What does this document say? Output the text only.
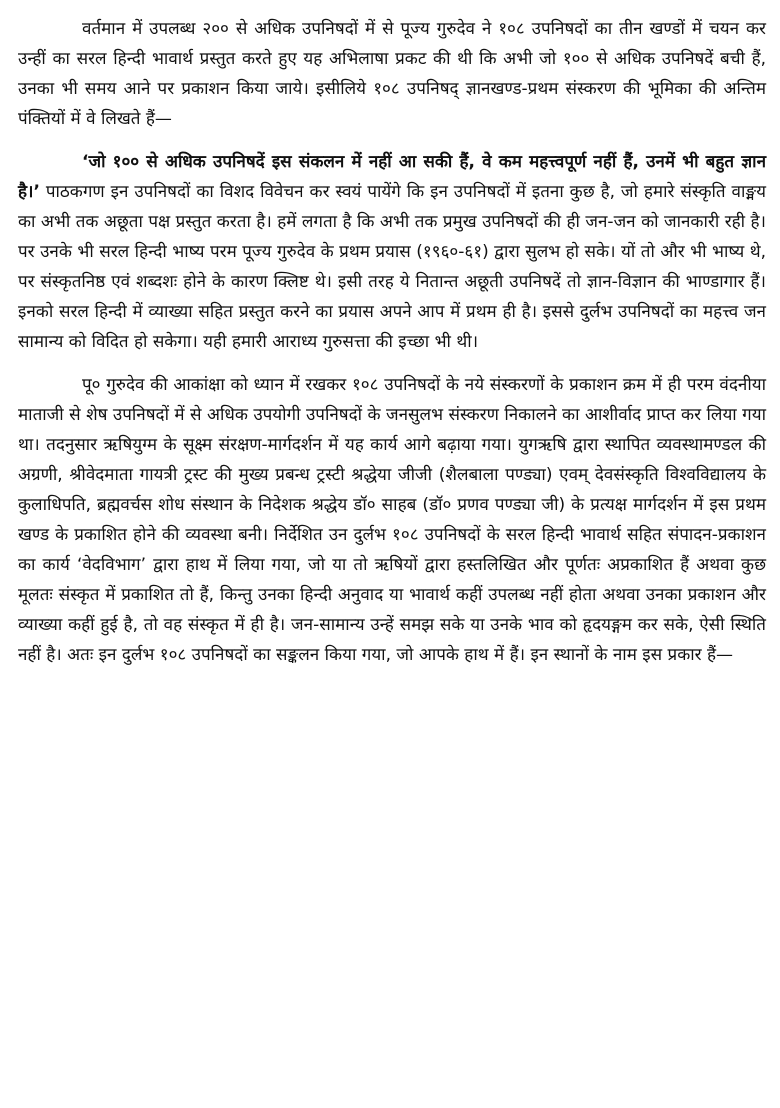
वर्तमान में उपलब्ध २०० से अधिक उपनिषदों में से पूज्य गुरुदेव ने १०८ उपनिषदों का तीन खण्डों में चयन कर उन्हीं का सरल हिन्दी भावार्थ प्रस्तुत करते हुए यह अभिलाषा प्रकट की थी कि अभी जो १०० से अधिक उपनिषदें बची हैं, उनका भी समय आने पर प्रकाशन किया जाये। इसीलिये १०८ उपनिषद् ज्ञानखण्ड-प्रथम संस्करण की भूमिका की अन्तिम पंक्तियों में वे लिखते हैं—

‘जो १०० से अधिक उपनिषदें इस संकलन में नहीं आ सकी हैं, वे कम महत्त्वपूर्ण नहीं हैं, उनमें भी बहुत ज्ञान है।’ पाठकगण इन उपनिषदों का विशद विवेचन कर स्वयं पायेंगे कि इन उपनिषदों में इतना कुछ है, जो हमारे संस्कृति वाङ्मय का अभी तक अछूता पक्ष प्रस्तुत करता है। हमें लगता है कि अभी तक प्रमुख उपनिषदों की ही जन-जन को जानकारी रही है। पर उनके भी सरल हिन्दी भाष्य परम पूज्य गुरुदेव के प्रथम प्रयास (१९६०-६१) द्वारा सुलभ हो सके। यों तो और भी भाष्य थे, पर संस्कृतनिष्ठ एवं शब्दशः होने के कारण क्लिष्ट थे। इसी तरह ये नितान्त अछूती उपनिषदें तो ज्ञान-विज्ञान की भाण्डागार हैं। इनको सरल हिन्दी में व्याख्या सहित प्रस्तुत करने का प्रयास अपने आप में प्रथम ही है। इससे दुर्लभ उपनिषदों का महत्त्व जन सामान्य को विदित हो सकेगा। यही हमारी आराध्य गुरुसत्ता की इच्छा भी थी।

पू० गुरुदेव की आकांक्षा को ध्यान में रखकर १०८ उपनिषदों के नये संस्करणों के प्रकाशन क्रम में ही परम वंदनीया माताजी से शेष उपनिषदों में से अधिक उपयोगी उपनिषदों के जनसुलभ संस्करण निकालने का आशीर्वाद प्राप्त कर लिया गया था। तदनुसार ऋषियुग्म के सूक्ष्म संरक्षण-मार्गदर्शन में यह कार्य आगे बढ़ाया गया। युगऋषि द्वारा स्थापित व्यवस्थामण्डल की अग्रणी, श्रीवेदमाता गायत्री ट्रस्ट की मुख्य प्रबन्ध ट्रस्टी श्रद्धेया जीजी (शैलबाला पण्ड्या) एवम् देवसंस्कृति विश्वविद्यालय के कुलाधिपति, ब्रह्मवर्चस शोध संस्थान के निदेशक श्रद्धेय डॉ० साहब (डॉ० प्रणव पण्ड्या जी) के प्रत्यक्ष मार्गदर्शन में इस प्रथम खण्ड के प्रकाशित होने की व्यवस्था बनी। निर्देशित उन दुर्लभ १०८ उपनिषदों के सरल हिन्दी भावार्थ सहित संपादन-प्रकाशन का कार्य ‘वेदविभाग’ द्वारा हाथ में लिया गया, जो या तो ऋषियों द्वारा हस्तलिखित और पूर्णतः अप्रकाशित हैं अथवा कुछ मूलतः संस्कृत में प्रकाशित तो हैं, किन्तु उनका हिन्दी अनुवाद या भावार्थ कहीं उपलब्ध नहीं होता अथवा उनका प्रकाशन और व्याख्या कहीं हुई है, तो वह संस्कृत में ही है। जन-सामान्य उन्हें समझ सके या उनके भाव को हृदयङ्गम कर सके, ऐसी स्थिति नहीं है। अतः इन दुर्लभ १०८ उपनिषदों का सङ्कलन किया गया, जो आपके हाथ में हैं। इन स्थानों के नाम इस प्रकार हैं—
